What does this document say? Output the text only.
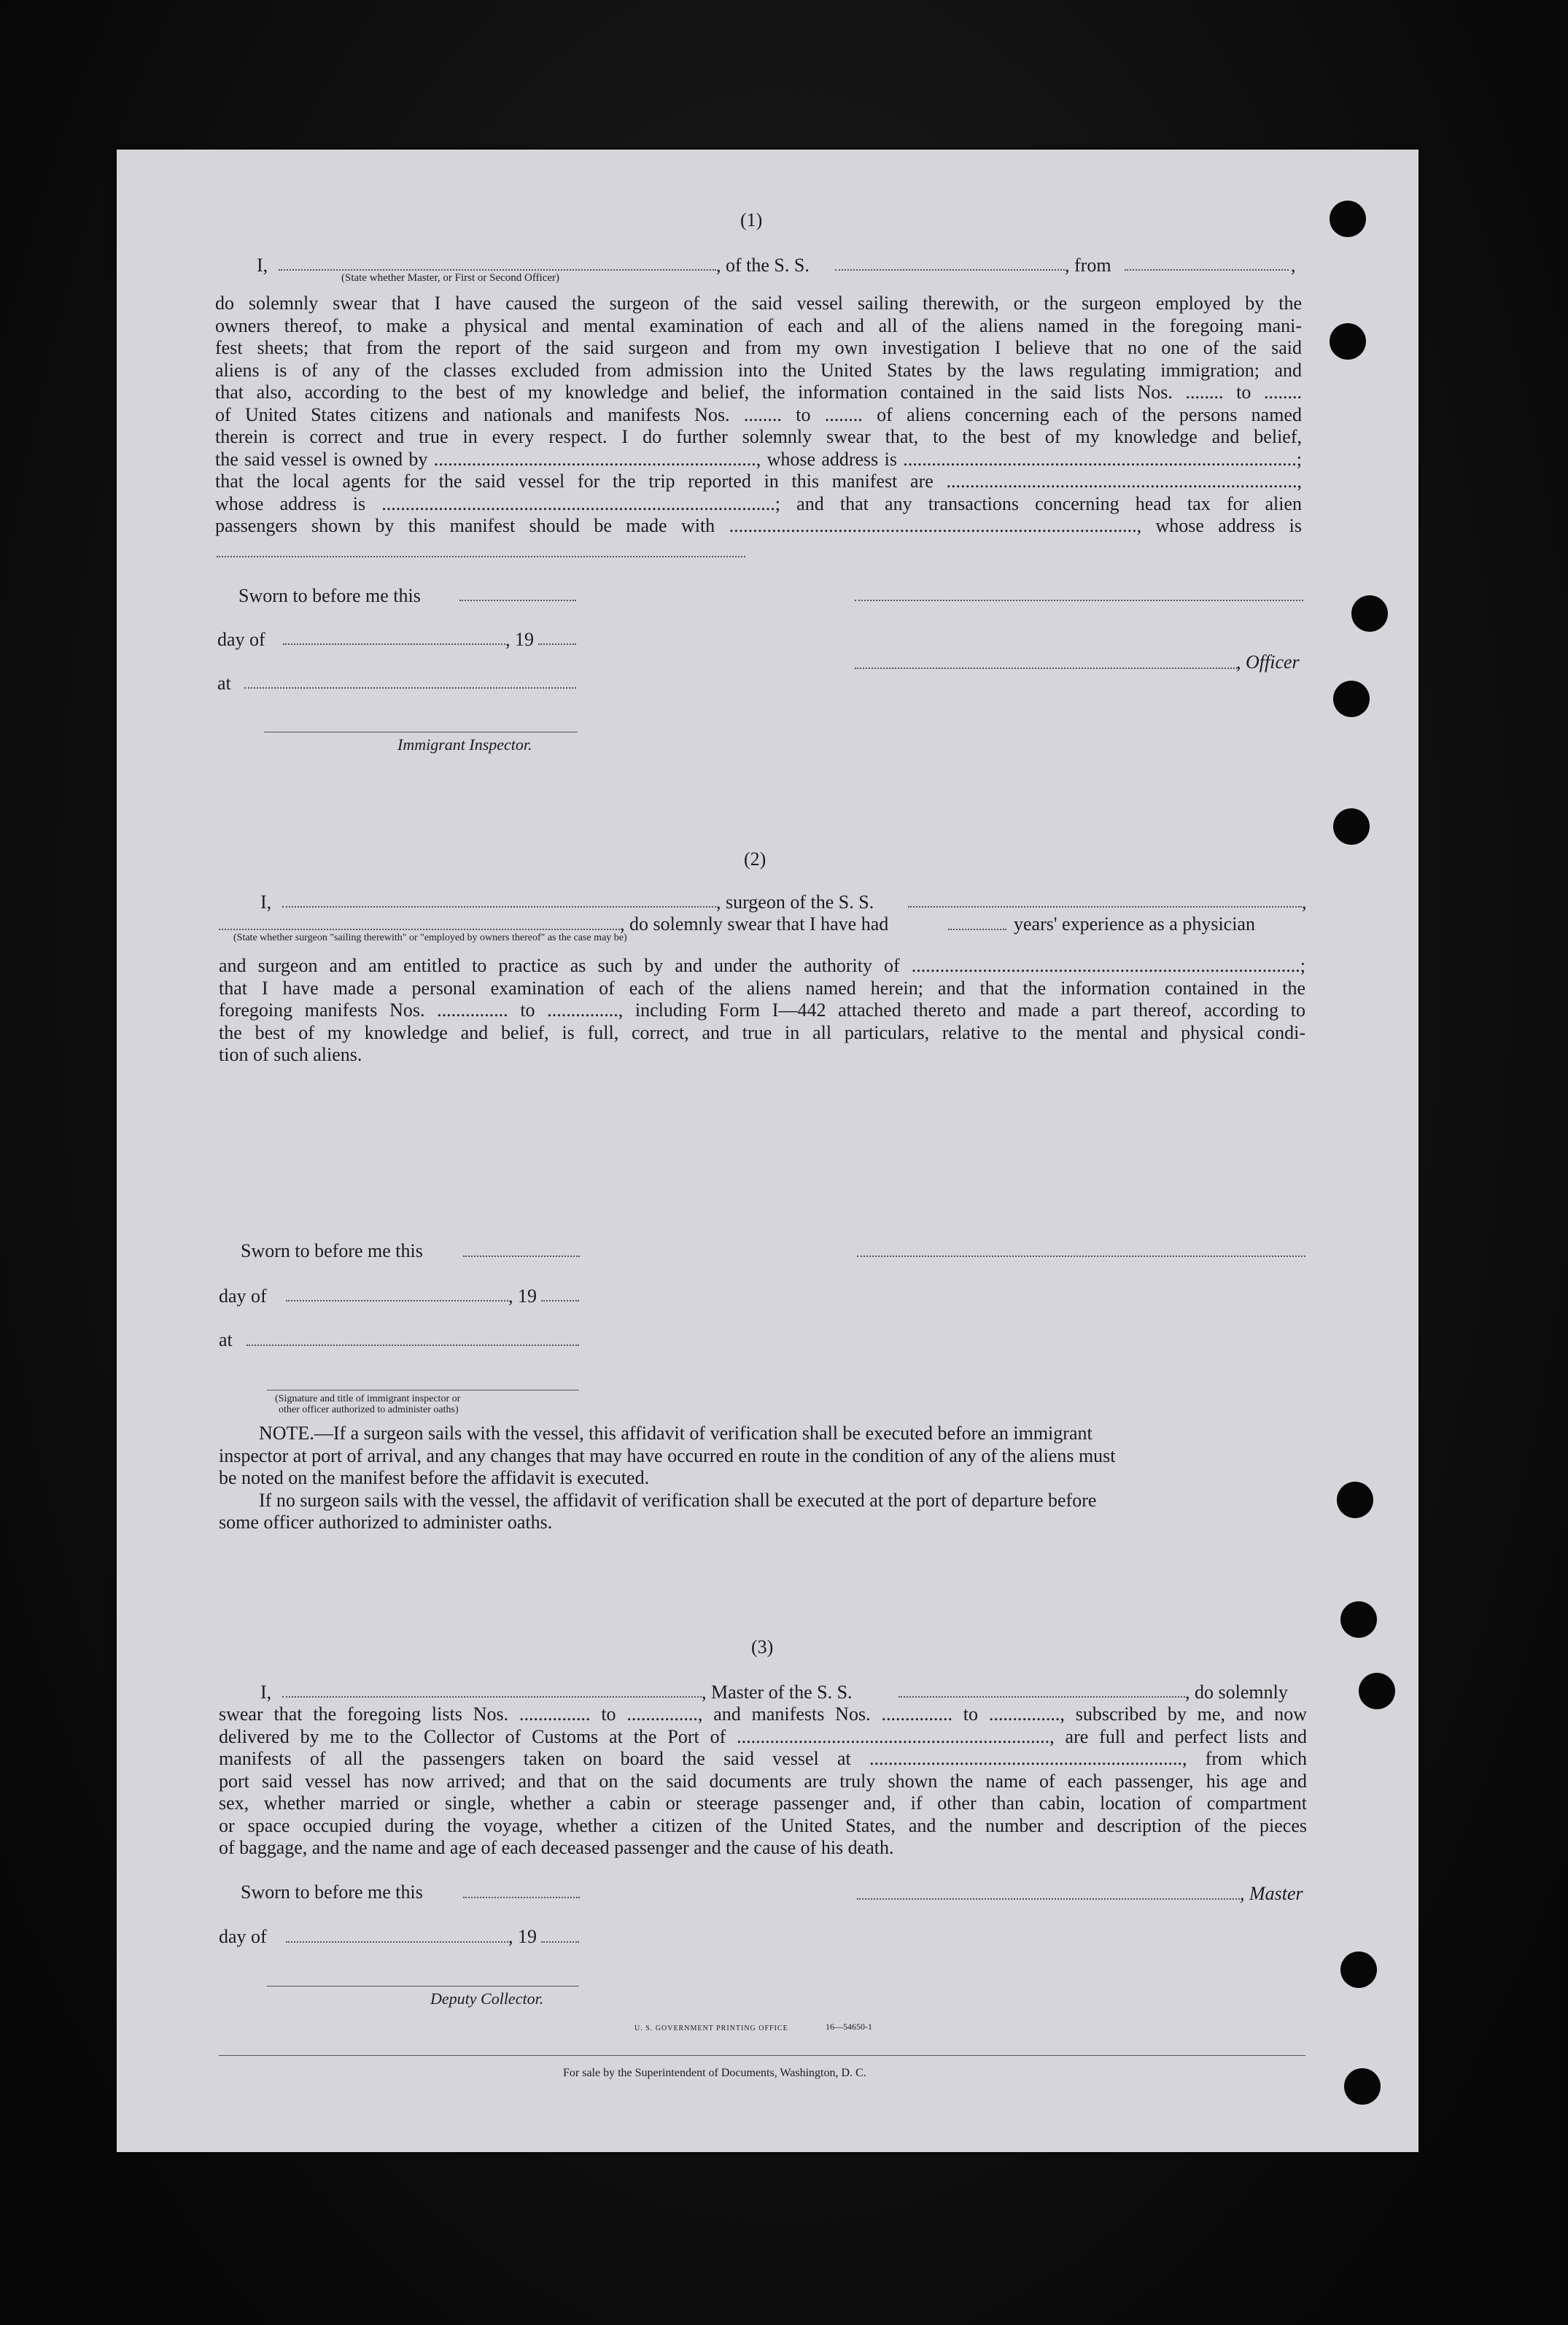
(1)
I,	, of the S. S.	, from	,
(State whether Master, or First or Second Officer)
do solemnly swear that I have caused the surgeon of the said vessel sailing therewith, or the surgeon employed by the
owners thereof, to make a physical and mental examination of each and all of the aliens named in the foregoing mani-
fest sheets; that from the report of the said surgeon and from my own investigation I believe that no one of the said
aliens is of any of the classes excluded from admission into the United States by the laws regulating immigration; and
that also, according to the best of my knowledge and belief, the information contained in the said lists Nos. ........ to ........
of United States citizens and nationals and manifests Nos. ........ to ........ of aliens concerning each of the persons named
therein is correct and true in every respect. I do further solemnly swear that, to the best of my knowledge and belief,
the said vessel is owned by ...................................................................., whose address is ...................................................................................;
that the local agents for the said vessel for the trip reported in this manifest are ..........................................................................,
whose address is ...................................................................................; and that any transactions concerning head tax for alien
passengers shown by this manifest should be made with ......................................................................................, whose address is
Sworn to before me this
day of	, 19
, Officer
at
Immigrant Inspector.
(2)
I,	, surgeon of the S. S.	,
, do solemnly swear that I have had	years' experience as a physician
(State whether surgeon "sailing therewith" or "employed by owners thereof" as the case may be)
and surgeon and am entitled to practice as such by and under the authority of ..................................................................................;
that I have made a personal examination of each of the aliens named herein; and that the information contained in the
foregoing manifests Nos. ............... to ..............., including Form I—442 attached thereto and made a part thereof, according to
the best of my knowledge and belief, is full, correct, and true in all particulars, relative to the mental and physical condi-
tion of such aliens.
Sworn to before me this
day of	, 19
at
(Signature and title of immigrant inspector or
other officer authorized to administer oaths)
NOTE.—If a surgeon sails with the vessel, this affidavit of verification shall be executed before an immigrant
inspector at port of arrival, and any changes that may have occurred en route in the condition of any of the aliens must
be noted on the manifest before the affidavit is executed.
If no surgeon sails with the vessel, the affidavit of verification shall be executed at the port of departure before
some officer authorized to administer oaths.
(3)
I,	, Master of the S. S.	, do solemnly
swear that the foregoing lists Nos. ............... to ..............., and manifests Nos. ............... to ..............., subscribed by me, and now
delivered by me to the Collector of Customs at the Port of .................................................................., are full and perfect lists and
manifests of all the passengers taken on board the said vessel at .................................................................., from which
port said vessel has now arrived; and that on the said documents are truly shown the name of each passenger, his age and
sex, whether married or single, whether a cabin or steerage passenger and, if other than cabin, location of compartment
or space occupied during the voyage, whether a citizen of the United States, and the number and description of the pieces
of baggage, and the name and age of each deceased passenger and the cause of his death.
Sworn to before me this	, Master
day of	, 19
Deputy Collector.
U. S. GOVERNMENT PRINTING OFFICE	16—54650-1
For sale by the Superintendent of Documents, Washington, D. C.
